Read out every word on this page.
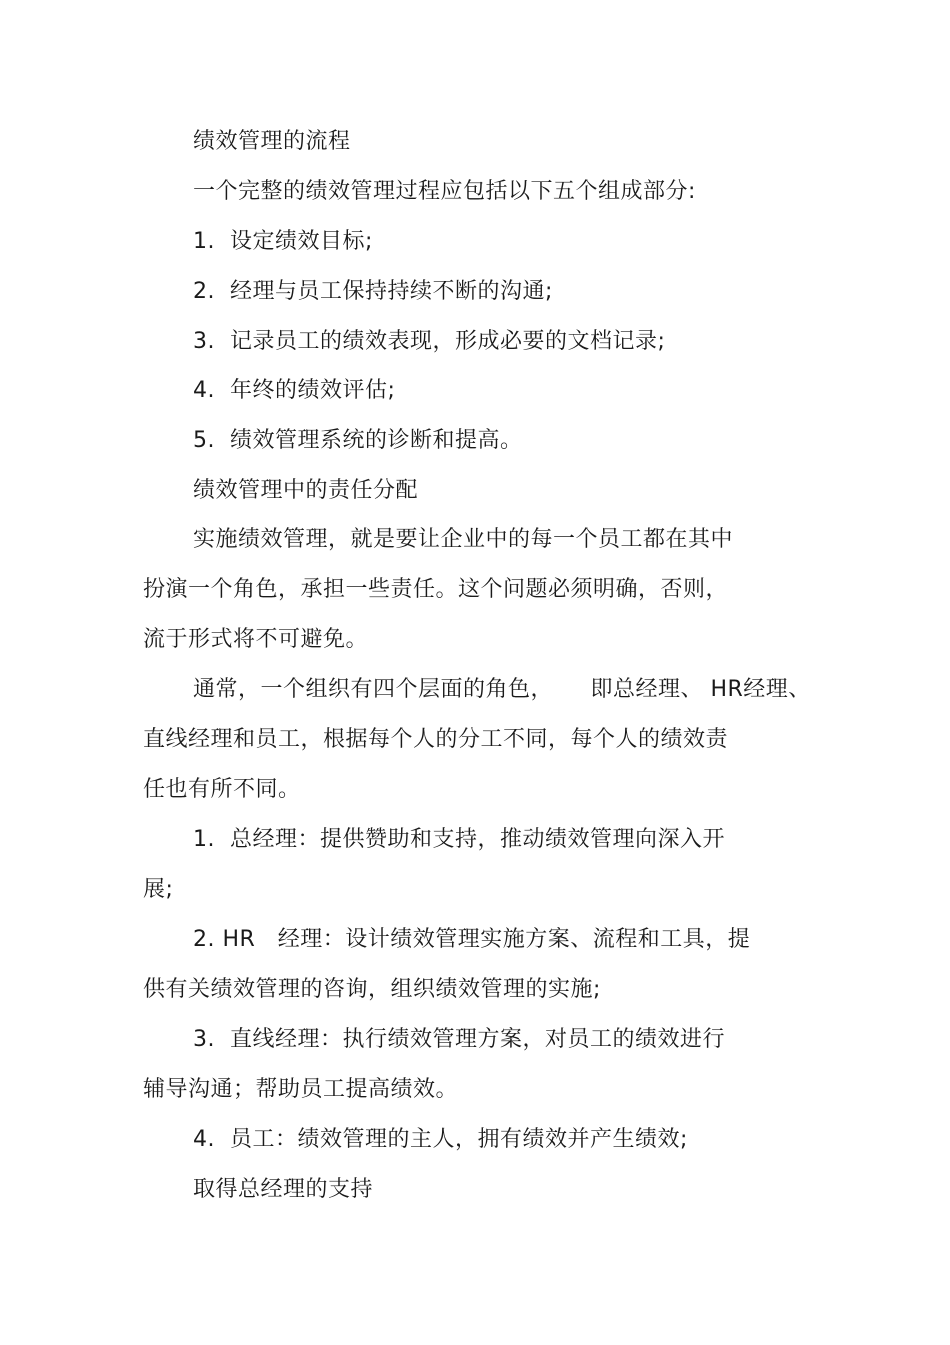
绩效管理的流程
一个完整的绩效管理过程应包括以下五个组成部分:
1.  设定绩效目标;
2.  经理与员工保持持续不断的沟通;
3.  记录员工的绩效表现，形成必要的文档记录;
4.  年终的绩效评估;
5.  绩效管理系统的诊断和提高。
绩效管理中的责任分配
实施绩效管理，就是要让企业中的每一个员工都在其中
扮演一个角色，承担一些责任。这个问题必须明确，否则，
流于形式将不可避免。
通常，一个组织有四个层面的角色，     即总经理、 HR经理、
直线经理和员工，根据每个人的分工不同，每个人的绩效责
任也有所不同。
1.  总经理：提供赞助和支持，推动绩效管理向深入开
展;
2. HR   经理：设计绩效管理实施方案、流程和工具，提
供有关绩效管理的咨询，组织绩效管理的实施;
3.  直线经理：执行绩效管理方案，对员工的绩效进行
辅导沟通；帮助员工提高绩效。
4.  员工：绩效管理的主人，拥有绩效并产生绩效;
取得总经理的支持
